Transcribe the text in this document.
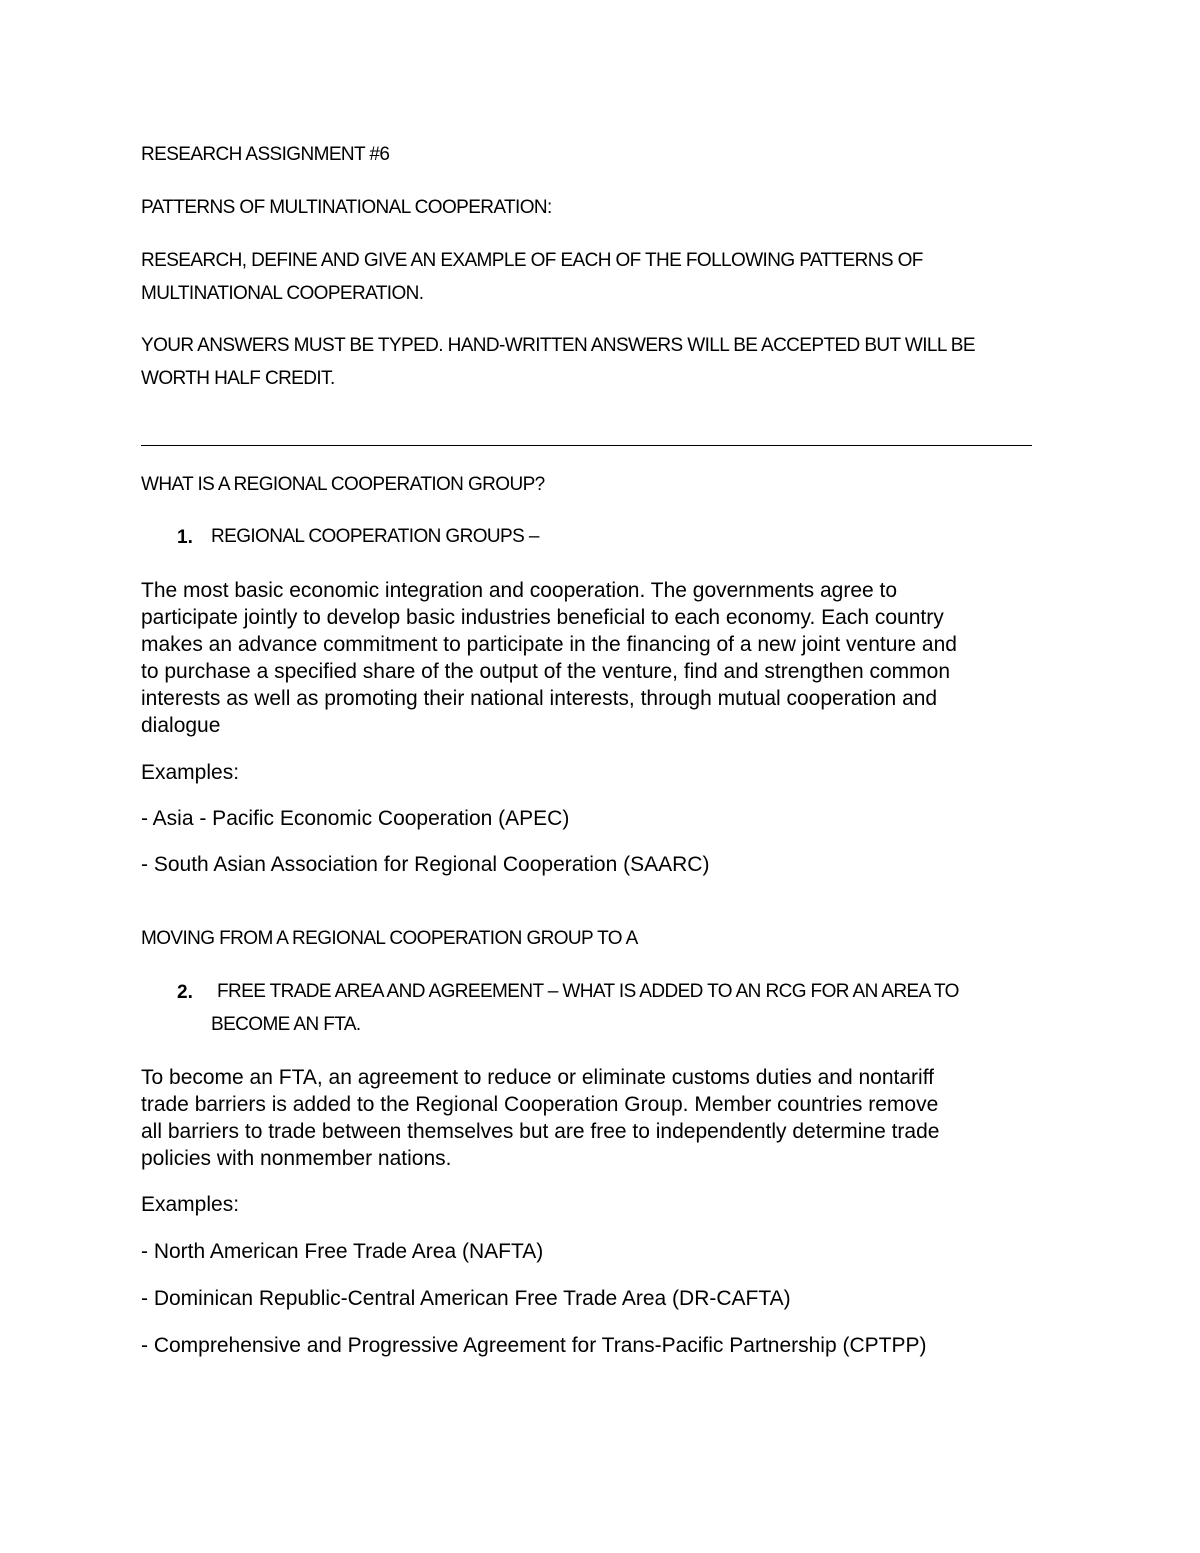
RESEARCH ASSIGNMENT #6
PATTERNS OF MULTINATIONAL COOPERATION:
RESEARCH, DEFINE AND GIVE AN EXAMPLE OF EACH OF THE FOLLOWING PATTERNS OF
MULTINATIONAL COOPERATION.
YOUR ANSWERS MUST BE TYPED. HAND-WRITTEN ANSWERS WILL BE ACCEPTED BUT WILL BE
WORTH HALF CREDIT.
WHAT IS A REGIONAL COOPERATION GROUP?
1. REGIONAL COOPERATION GROUPS –
The most basic economic integration and cooperation. The governments agree to
participate jointly to develop basic industries beneficial to each economy. Each country
makes an advance commitment to participate in the financing of a new joint venture and
to purchase a specified share of the output of the venture, find and strengthen common
interests as well as promoting their national interests, through mutual cooperation and
dialogue
Examples:
- Asia - Pacific Economic Cooperation (APEC)
- South Asian Association for Regional Cooperation (SAARC)
MOVING FROM A REGIONAL COOPERATION GROUP TO A
2. FREE TRADE AREA AND AGREEMENT – WHAT IS ADDED TO AN RCG FOR AN AREA TO
BECOME AN FTA.
To become an FTA, an agreement to reduce or eliminate customs duties and nontariff
trade barriers is added to the Regional Cooperation Group. Member countries remove
all barriers to trade between themselves but are free to independently determine trade
policies with nonmember nations.
Examples:
- North American Free Trade Area (NAFTA)
- Dominican Republic-Central American Free Trade Area (DR-CAFTA)
- Comprehensive and Progressive Agreement for Trans-Pacific Partnership (CPTPP)
